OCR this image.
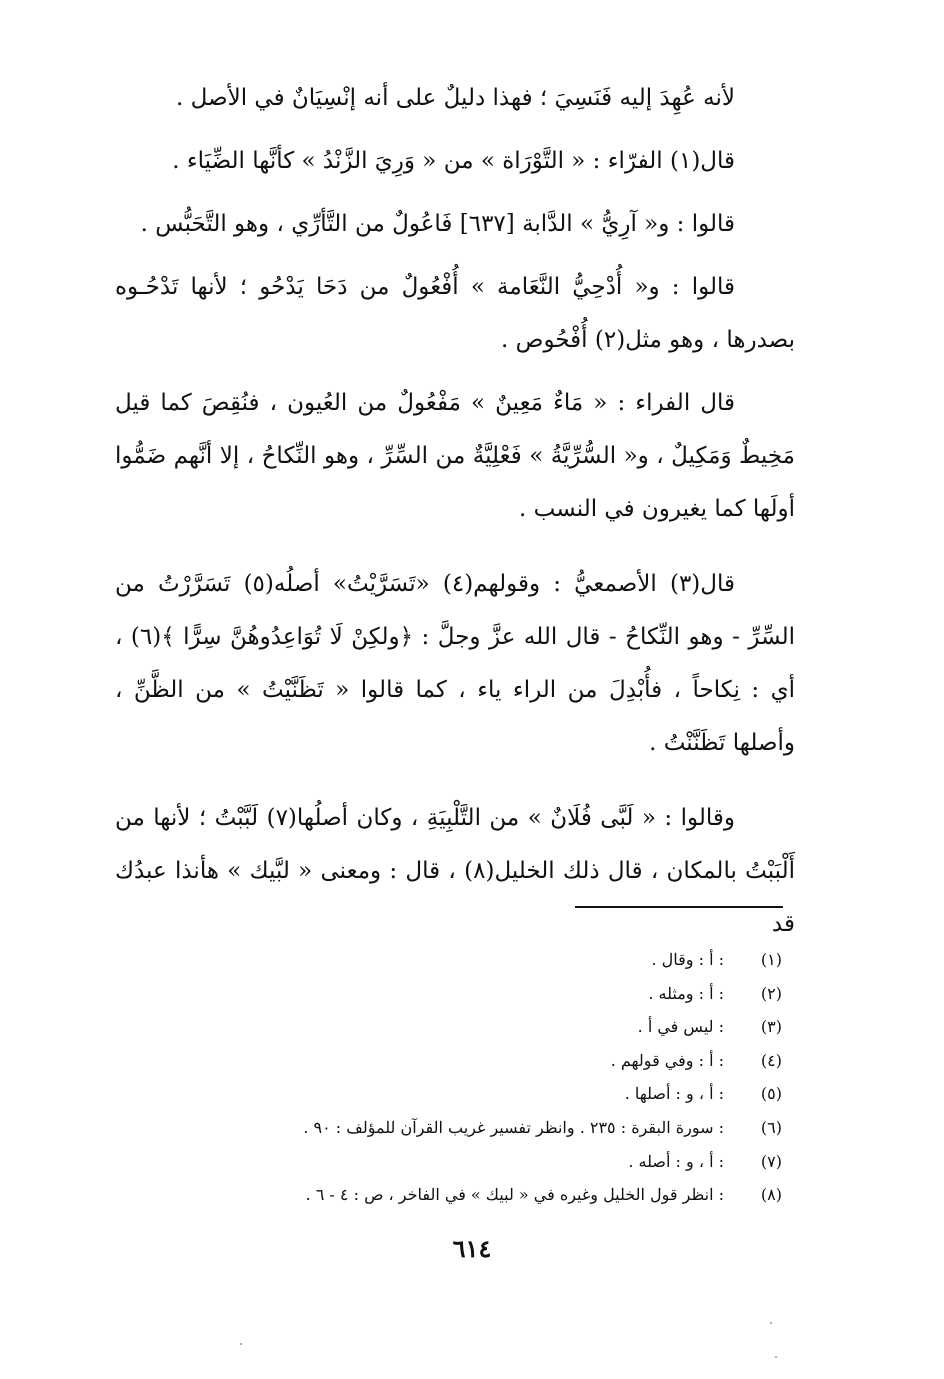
لأنه عُهِدَ إليه فَنَسِيَ ؛ فهذا دليلٌ على أنه إنْسِيَانٌ في الأصل .

قال(١) الفرّاء : « التَّوْرَاة » من « وَرِيَ الزَّنْدُ » كأنَّها الضِّيَاء .

قالوا : و« آرِيُّ » الدَّابة [٦٣٧] فَاعُولٌ من التَّأرِّي ، وهو التَّحَبُّس .

قالوا : و« أُدْحِيُّ النَّعَامة » أُفْعُولٌ من دَحَا يَدْحُو ؛ لأنها تَدْحُـوه بصدرها ، وهو مثل(٢) أُفْحُوص .

قال الفراء : « مَاءٌ مَعِينٌ » مَفْعُولٌ من العُيون ، فنُقِصَ كما قيل مَخِيطٌ وَمَكِيلٌ ، و« السُّرِّيَّةُ » فَعْلِيَّةٌ من السِّرِّ ، وهو النِّكاحُ ، إلا أنَّهم ضَمُّوا أولَها كما يغيرون في النسب .

قال(٣) الأصمعيُّ : وقولهم(٤) «تَسَرَّيْتُ» أصلُه(٥) تَسَرَّرْتُ من السِّرِّ - وهو النِّكاحُ - قال الله عزَّ وجلَّ : ﴿ولكِنْ لَا تُوَاعِدُوهُنَّ سِرًّا ﴾(٦) ، أي : نِكاحاً ، فأُبْدِلَ من الراء ياء ، كما قالوا « تَظَنَّيْتُ » من الظَّنِّ ، وأصلها تَظَنَّنْتُ .

وقالوا : « لَبَّى فُلَانٌ » من التَّلْبِيَةِ ، وكان أصلُها(٧) لَبَّبْتُ ؛ لأنها من أَلْبَبْتُ بالمكان ، قال ذلك الخليل(٨) ، قال : ومعنى « لبَّيك » هأنذا عبدُك قد

(١)
: أ : وقال .
(٢)
: أ : ومثله .
(٣)
: ليس في أ .
(٤)
: أ : وفي قولهم .
(٥)
: أ ، و : أصلها .
(٦)
: سورة البقرة : ٢٣٥ . وانظر تفسير غريب القرآن للمؤلف : ٩٠ .
(٧)
: أ ، و : أصله .
(٨)
: انظر قول الخليل وغيره في « لبيك » في الفاخر ، ص : ٤ - ٦ .
٦١٤
